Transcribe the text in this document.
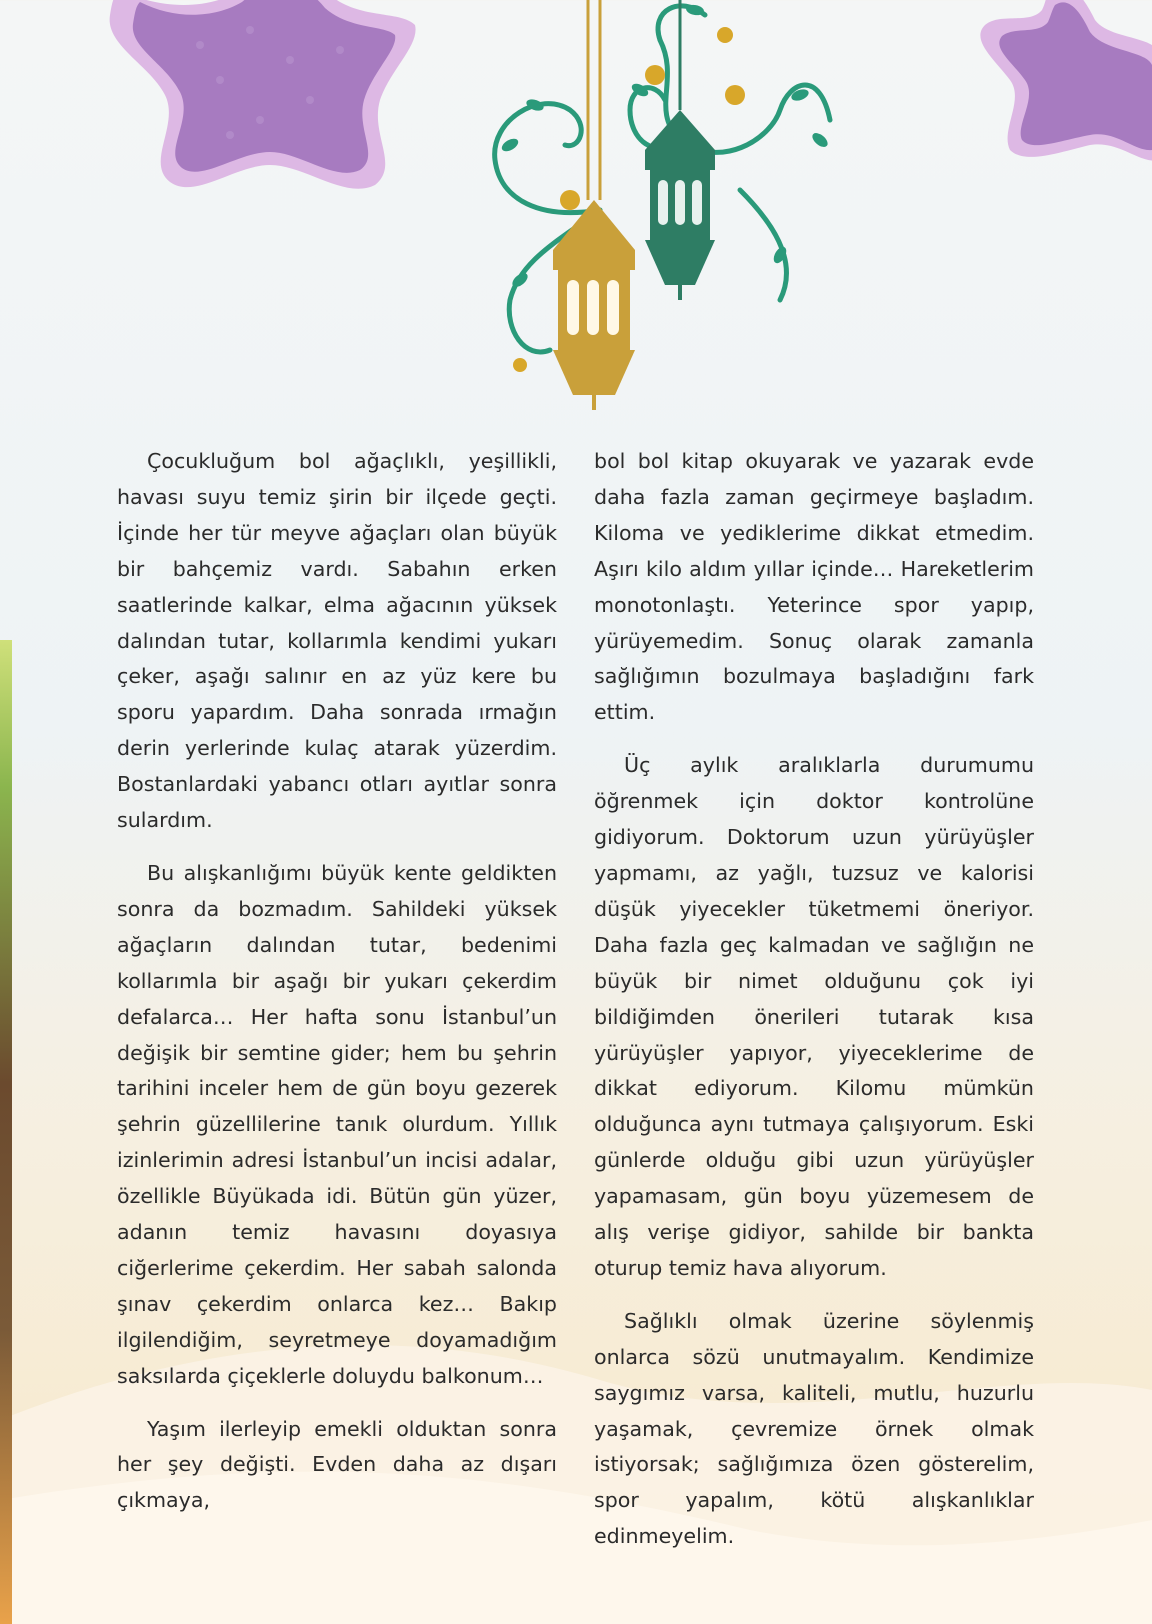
Çocukluğum bol ağaçlıklı, yeşillikli, havası suyu temiz şirin bir ilçede geçti. İçinde her tür meyve ağaçları olan büyük bir bahçemiz vardı. Sabahın erken saatlerinde kalkar, elma ağacının yüksek dalından tutar, kollarımla kendimi yukarı çeker, aşağı salınır en az yüz kere bu sporu yapardım. Daha sonrada ırmağın derin yerlerinde kulaç atarak yüzerdim. Bostanlardaki yabancı otları ayıtlar sonra sulardım.

Bu alışkanlığımı büyük kente geldikten sonra da bozmadım. Sahildeki yüksek ağaçların dalından tutar, bedenimi kollarımla bir aşağı bir yukarı çekerdim defalarca… Her hafta sonu İstanbul’un değişik bir semtine gider; hem bu şehrin tarihini inceler hem de gün boyu gezerek şehrin güzellilerine tanık olurdum. Yıllık izinlerimin adresi İstanbul’un incisi adalar, özellikle Büyükada idi. Bütün gün yüzer, adanın temiz havasını doyasıya ciğerlerime çekerdim. Her sabah salonda şınav çekerdim onlarca kez… Bakıp ilgilendiğim, seyretmeye doyamadığım saksılarda çiçeklerle doluydu balkonum…

Yaşım ilerleyip emekli olduktan sonra her şey değişti. Evden daha az dışarı çıkmaya,

bol bol kitap okuyarak ve yazarak evde daha fazla zaman geçirmeye başladım. Kiloma ve yediklerime dikkat etmedim. Aşırı kilo aldım yıllar içinde… Hareketlerim monotonlaştı. Yeterince spor yapıp, yürüyemedim. Sonuç olarak zamanla sağlığımın bozulmaya başladığını fark ettim.

Üç aylık aralıklarla durumumu öğrenmek için doktor kontrolüne gidiyorum. Doktorum uzun yürüyüşler yapmamı, az yağlı, tuzsuz ve kalorisi düşük yiyecekler tüketmemi öneriyor. Daha fazla geç kalmadan ve sağlığın ne büyük bir nimet olduğunu çok iyi bildiğimden önerileri tutarak kısa yürüyüşler yapıyor, yiyeceklerime de dikkat ediyorum. Kilomu mümkün olduğunca aynı tutmaya çalışıyorum. Eski günlerde olduğu gibi uzun yürüyüşler yapamasam, gün boyu yüzemesem de alış verişe gidiyor, sahilde bir bankta oturup temiz hava alıyorum.

Sağlıklı olmak üzerine söylenmiş onlarca sözü unutmayalım. Kendimize saygımız varsa, kaliteli, mutlu, huzurlu yaşamak, çevremize örnek olmak istiyorsak; sağlığımıza özen gösterelim, spor yapalım, kötü alışkanlıklar edinmeyelim.
